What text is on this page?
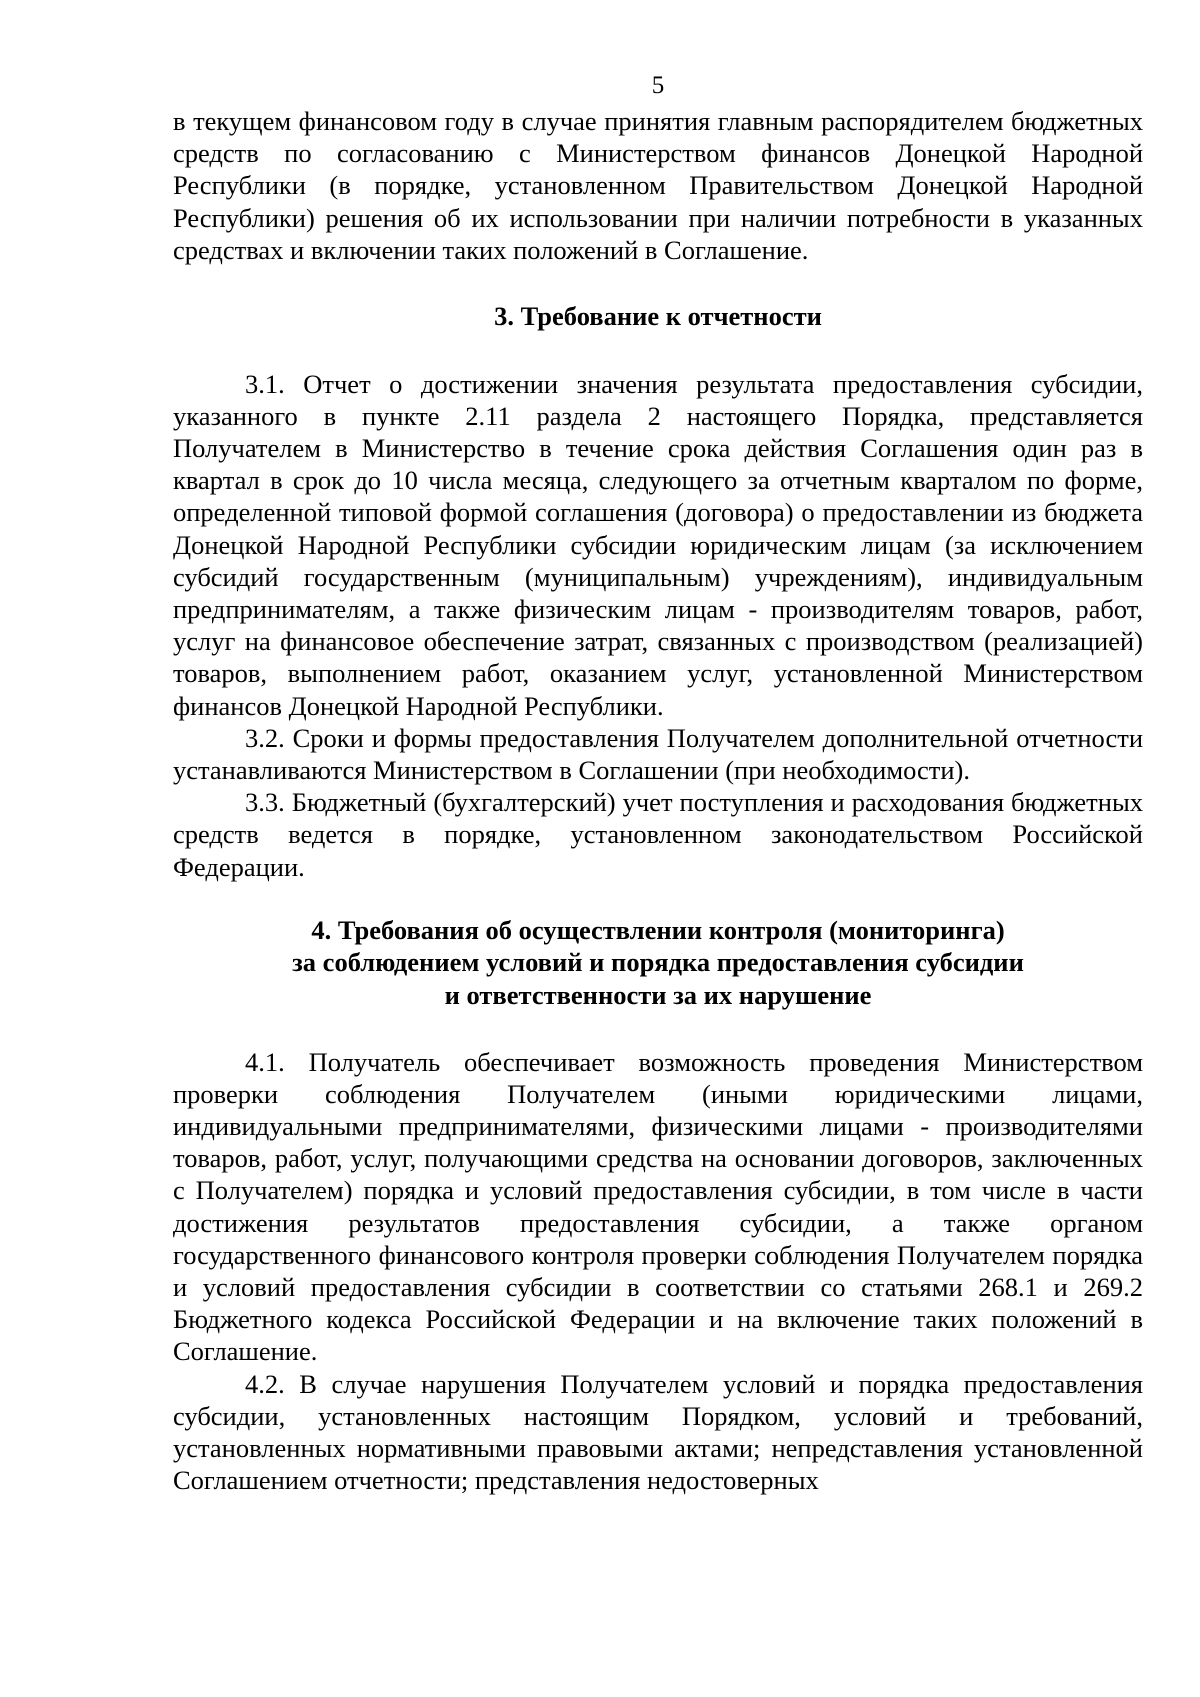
5

в текущем финансовом году в случае принятия главным распорядителем бюджетных средств по согласованию с Министерством финансов Донецкой Народной Республики (в порядке, установленном Правительством Донецкой Народной Республики) решения об их использовании при наличии потребности в указанных средствах и включении таких положений в Соглашение.

3. Требование к отчетности

3.1. Отчет о достижении значения результата предоставления субсидии, указанного в пункте 2.11 раздела 2 настоящего Порядка, представляется Получателем в Министерство в течение срока действия Соглашения один раз в квартал в срок до 10 числа месяца, следующего за отчетным кварталом по форме, определенной типовой формой соглашения (договора) о предоставлении из бюджета Донецкой Народной Республики субсидии юридическим лицам (за исключением субсидий государственным (муниципальным) учреждениям), индивидуальным предпринимателям, а также физическим лицам - производителям товаров, работ, услуг на финансовое обеспечение затрат, связанных с производством (реализацией) товаров, выполнением работ, оказанием услуг, установленной Министерством финансов Донецкой Народной Республики.

3.2. Сроки и формы предоставления Получателем дополнительной отчетности устанавливаются Министерством в Соглашении (при необходимости).

3.3. Бюджетный (бухгалтерский) учет поступления и расходования бюджетных средств ведется в порядке, установленном законодательством Российской Федерации.

4. Требования об осуществлении контроля (мониторинга)
за соблюдением условий и порядка предоставления субсидии
и ответственности за их нарушение

4.1. Получатель обеспечивает возможность проведения Министерством проверки соблюдения Получателем (иными юридическими лицами, индивидуальными предпринимателями, физическими лицами - производителями товаров, работ, услуг, получающими средства на основании договоров, заключенных с Получателем) порядка и условий предоставления субсидии, в том числе в части достижения результатов предоставления субсидии, а также органом государственного финансового контроля проверки соблюдения Получателем порядка и условий предоставления субсидии в соответствии со статьями 268.1 и 269.2 Бюджетного кодекса Российской Федерации и на включение таких положений в Соглашение.

4.2. В случае нарушения Получателем условий и порядка предоставления субсидии, установленных настоящим Порядком, условий и требований, установленных нормативными правовыми актами; непредставления установленной Соглашением отчетности; представления недостоверных
